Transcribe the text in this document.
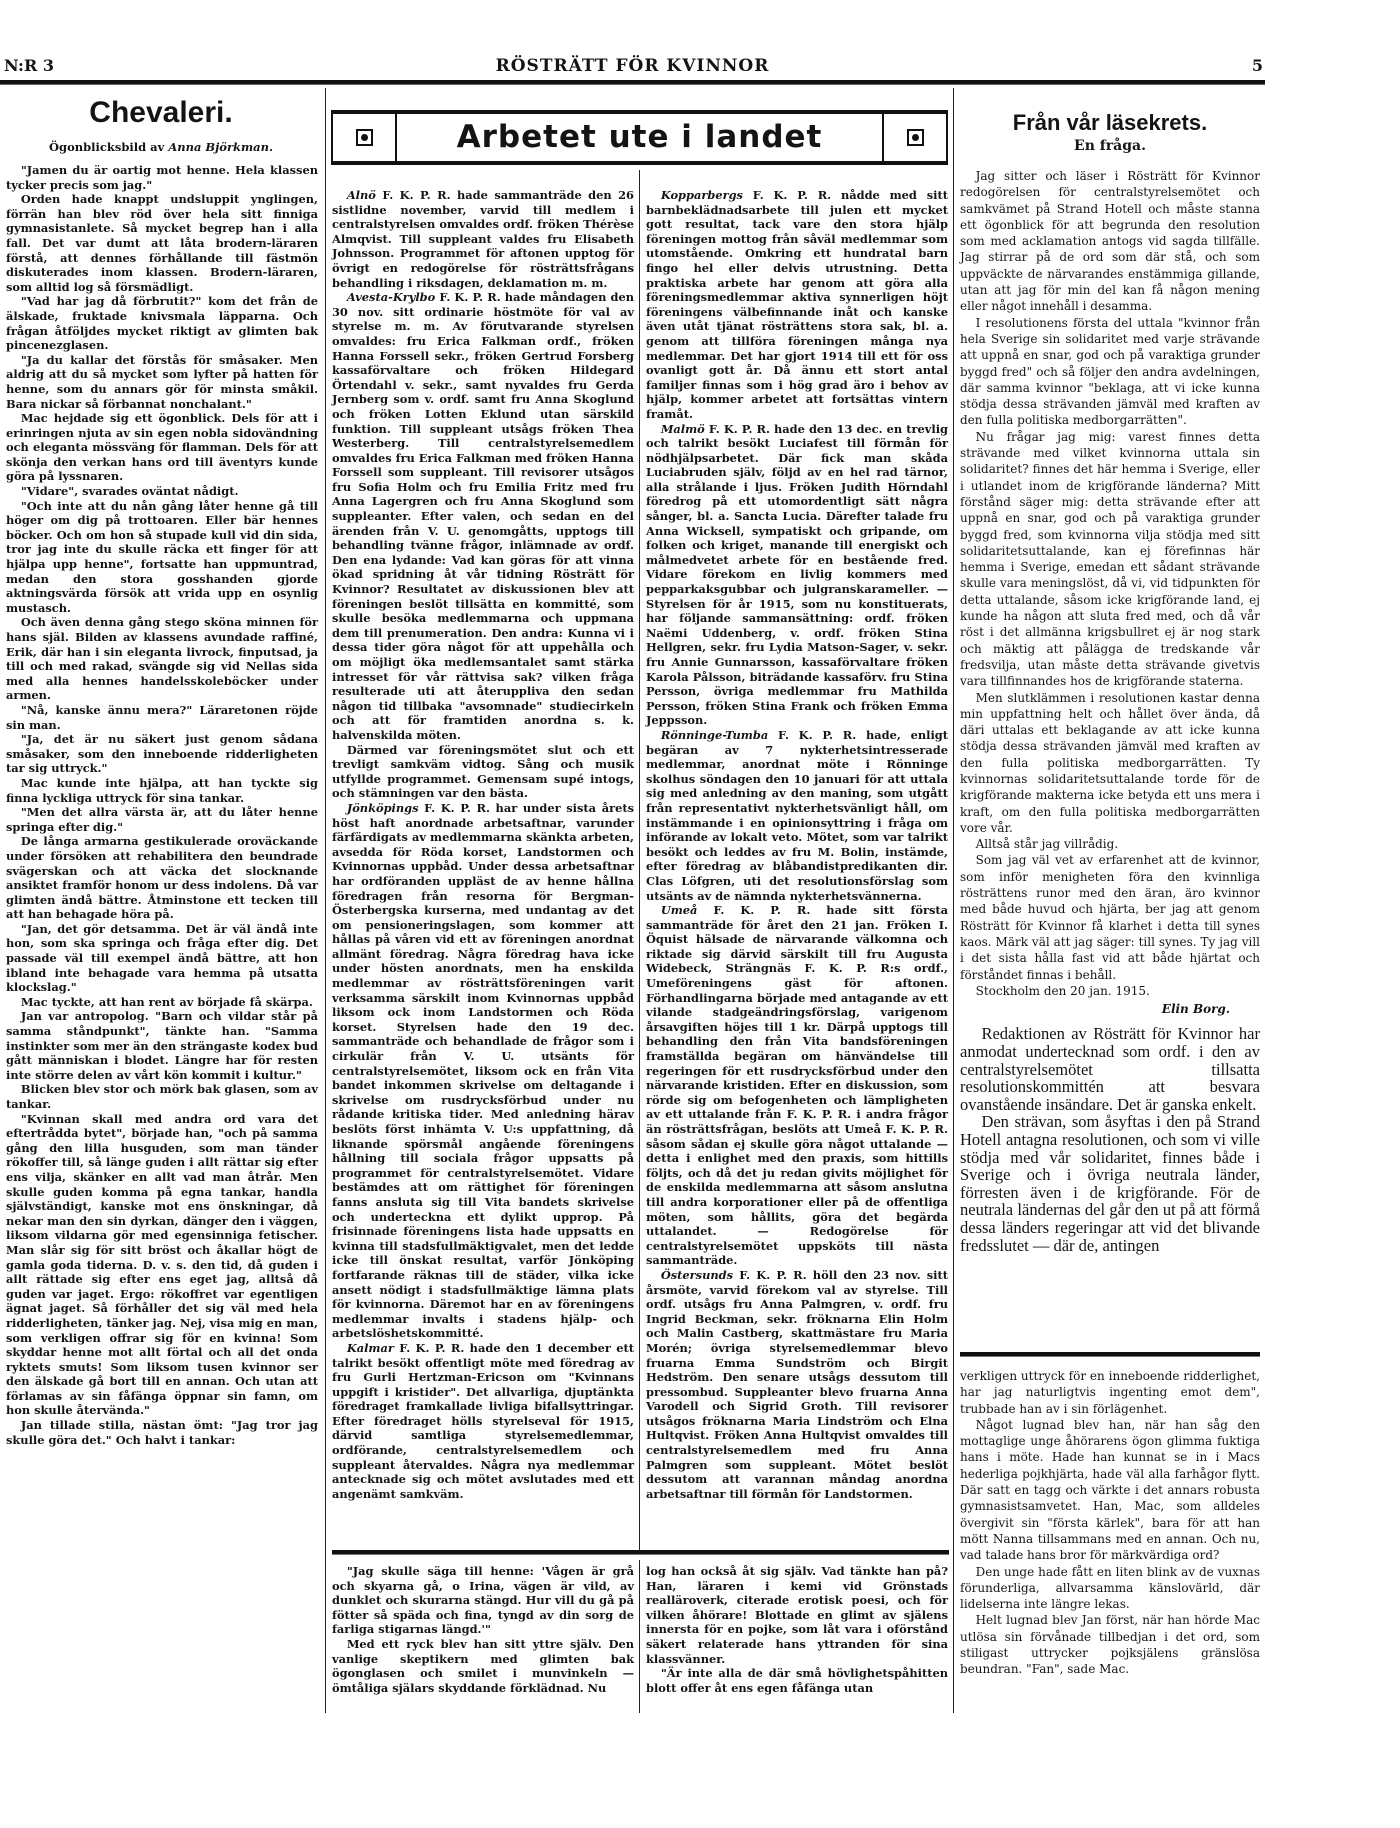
N:R 3	RÖSTRÄTT FÖR KVINNOR	5
Chevaleri.
Ögonblicksbild av Anna Björkman.

"Jamen du är oartig mot henne. Hela klassen tycker precis som jag."

Orden hade knappt undsluppit ynglingen, förrän han blev röd över hela sitt finniga gymnasistanlete. Så mycket begrep han i alla fall. Det var dumt att låta brodern-läraren förstå, att dennes förhållande till fästmön diskuterades inom klassen. Brodern-läraren, som alltid log så försmädligt.

"Vad har jag då förbrutit?" kom det från de älskade, fruktade knivsmala läpparna. Och frågan åtföljdes mycket riktigt av glimten bak pincenezglasen.

"Ja du kallar det förstås för småsaker. Men aldrig att du så mycket som lyfter på hatten för henne, som du annars gör för minsta småkil. Bara nickar så förbannat nonchalant."

Mac hejdade sig ett ögonblick. Dels för att i erinringen njuta av sin egen nobla sidovändning och eleganta mössväng för flamman. Dels för att skönja den verkan hans ord till äventyrs kunde göra på lyssnaren.

"Vidare", svarades oväntat nådigt.

"Och inte att du nån gång låter henne gå till höger om dig på trottoaren. Eller bär hennes böcker. Och om hon så stupade kull vid din sida, tror jag inte du skulle räcka ett finger för att hjälpa upp henne", fortsatte han uppmuntrad, medan den stora gosshanden gjorde aktningsvärda försök att vrida upp en osynlig mustasch.

Och även denna gång stego sköna minnen för hans själ. Bilden av klassens avundade raffiné, Erik, där han i sin eleganta livrock, finputsad, ja till och med rakad, svängde sig vid Nellas sida med alla hennes handelsskoleböcker under armen.

"Nå, kanske ännu mera?" Läraretonen röjde sin man.

"Ja, det är nu säkert just genom sådana småsaker, som den inneboende ridderligheten tar sig uttryck."

Mac kunde inte hjälpa, att han tyckte sig finna lyckliga uttryck för sina tankar.

"Men det allra värsta är, att du låter henne springa efter dig."

De långa armarna gestikulerade oroväckande under försöken att rehabilitera den beundrade svägerskan och att väcka det slocknande ansiktet framför honom ur dess indolens. Då var glimten ändå bättre. Åtminstone ett tecken till att han behagade höra på.

"Jan, det gör detsamma. Det är väl ändå inte hon, som ska springa och fråga efter dig. Det passade väl till exempel ändå bättre, att hon ibland inte behagade vara hemma på utsatta klockslag."

Mac tyckte, att han rent av började få skärpa.

Jan var antropolog. "Barn och vildar står på samma ståndpunkt", tänkte han. "Samma instinkter som mer än den strängaste kodex bud gått människan i blodet. Längre har för resten inte större delen av vårt kön kommit i kultur."

Blicken blev stor och mörk bak glasen, som av tankar.

"Kvinnan skall med andra ord vara det eftertrådda bytet", började han, "och på samma gång den lilla husguden, som man tänder rökoffer till, så länge guden i allt rättar sig efter ens vilja, skänker en allt vad man åtrår. Men skulle guden komma på egna tankar, handla självständigt, kanske mot ens önskningar, då nekar man den sin dyrkan, dänger den i väggen, liksom vildarna gör med egensinniga fetischer. Man slår sig för sitt bröst och åkallar högt de gamla goda tiderna. D. v. s. den tid, då guden i allt rättade sig efter ens eget jag, alltså då guden var jaget. Ergo: rökoffret var egentligen ägnat jaget. Så förhåller det sig väl med hela ridderligheten, tänker jag. Nej, visa mig en man, som verkligen offrar sig för en kvinna! Som skyddar henne mot allt förtal och all det onda ryktets smuts! Som liksom tusen kvinnor ser den älskade gå bort till en annan. Och utan att förlamas av sin fåfänga öppnar sin famn, om hon skulle återvända."

Jan tillade stilla, nästan ömt: "Jag tror jag skulle göra det." Och halvt i tankar:

Arbetet ute i landet

Alnö F. K. P. R. hade sammanträde den 26 sistlidne november, varvid till medlem i centralstyrelsen omvaldes ordf. fröken Thérèse Almqvist. Till suppleant valdes fru Elisabeth Johnsson. Programmet för aftonen upptog för övrigt en redogörelse för rösträttsfrågans behandling i riksdagen, deklamation m. m.

Avesta-Krylbo F. K. P. R. hade måndagen den 30 nov. sitt ordinarie höstmöte för val av styrelse m. m. Av förutvarande styrelsen omvaldes: fru Erica Falkman ordf., fröken Hanna Forssell sekr., fröken Gertrud Forsberg kassaförvaltare och fröken Hildegard Örtendahl v. sekr., samt nyvaldes fru Gerda Jernberg som v. ordf. samt fru Anna Skoglund och fröken Lotten Eklund utan särskild funktion. Till suppleant utsågs fröken Thea Westerberg. Till centralstyrelsemedlem omvaldes fru Erica Falkman med fröken Hanna Forssell som suppleant. Till revisorer utsågos fru Sofia Holm och fru Emilia Fritz med fru Anna Lagergren och fru Anna Skoglund som suppleanter. Efter valen, och sedan en del ärenden från V. U. genomgåtts, upptogs till behandling tvänne frågor, inlämnade av ordf. Den ena lydande: Vad kan göras för att vinna ökad spridning åt vår tidning Rösträtt för Kvinnor? Resultatet av diskussionen blev att föreningen beslöt tillsätta en kommitté, som skulle besöka medlemmarna och uppmana dem till prenumeration. Den andra: Kunna vi i dessa tider göra något för att uppehålla och om möjligt öka medlemsantalet samt stärka intresset för vår rättvisa sak? vilken fråga resulterade uti att återuppliva den sedan någon tid tillbaka "avsomnade" studiecirkeln och att för framtiden anordna s. k. halvenskilda möten.

Därmed var föreningsmötet slut och ett trevligt samkväm vidtog. Sång och musik utfyllde programmet. Gemensam supé intogs, och stämningen var den bästa.

Jönköpings F. K. P. R. har under sista årets höst haft anordnade arbetsaftnar, varunder färfärdigats av medlemmarna skänkta arbeten, avsedda för Röda korset, Landstormen och Kvinnornas uppbåd. Under dessa arbetsaftnar har ordföranden uppläst de av henne hållna föredragen från resorna för Bergman-Österbergska kurserna, med undantag av det om pensioneringslagen, som kommer att hållas på våren vid ett av föreningen anordnat allmänt föredrag. Några föredrag hava icke under hösten anordnats, men ha enskilda medlemmar av rösträttsföreningen varit verksamma särskilt inom Kvinnornas uppbåd liksom ock inom Landstormen och Röda korset. Styrelsen hade den 19 dec. sammanträde och behandlade de frågor som i cirkulär från V. U. utsänts för centralstyrelsemötet, liksom ock en från Vita bandet inkommen skrivelse om deltagande i skrivelse om rusdrycksförbud under nu rådande kritiska tider. Med anledning härav beslöts först inhämta V. U:s uppfattning, då liknande spörsmål angående föreningens hållning till sociala frågor uppsatts på programmet för centralstyrelsemötet. Vidare bestämdes att om rättighet för föreningen fanns ansluta sig till Vita bandets skrivelse och underteckna ett dylikt upprop. På frisinnade föreningens lista hade uppsatts en kvinna till stadsfullmäktigvalet, men det ledde icke till önskat resultat, varför Jönköping fortfarande räknas till de städer, vilka icke ansett nödigt i stadsfullmäktige lämna plats för kvinnorna. Däremot har en av föreningens medlemmar invalts i stadens hjälp- och arbetslöshetskommitté.

Kalmar F. K. P. R. hade den 1 december ett talrikt besökt offentligt möte med föredrag av fru Gurli Hertzman-Ericson om "Kvinnans uppgift i kristider". Det allvarliga, djuptänkta föredraget framkallade livliga bifallsyttringar. Efter föredraget hölls styrelseval för 1915, därvid samtliga styrelsemedlemmar, ordförande, centralstyrelsemedlem och suppleant återvaldes. Några nya medlemmar antecknade sig och mötet avslutades med ett angenämt samkväm.

Kopparbergs F. K. P. R. nådde med sitt barnbeklädnadsarbete till julen ett mycket gott resultat, tack vare den stora hjälp föreningen mottog från såväl medlemmar som utomstående. Omkring ett hundratal barn fingo hel eller delvis utrustning. Detta praktiska arbete har genom att göra alla föreningsmedlemmar aktiva synnerligen höjt föreningens välbefinnande inåt och kanske även utåt tjänat rösträttens stora sak, bl. a. genom att tillföra föreningen många nya medlemmar. Det har gjort 1914 till ett för oss ovanligt gott år. Då ännu ett stort antal familjer finnas som i hög grad äro i behov av hjälp, kommer arbetet att fortsättas vintern framåt.

Malmö F. K. P. R. hade den 13 dec. en trevlig och talrikt besökt Luciafest till förmån för nödhjälpsarbetet. Där fick man skåda Luciabruden själv, följd av en hel rad tärnor, alla strålande i ljus. Fröken Judith Hörndahl föredrog på ett utomordentligt sätt några sånger, bl. a. Sancta Lucia. Därefter talade fru Anna Wicksell, sympatiskt och gripande, om folken och kriget, manande till energiskt och målmedvetet arbete för en bestående fred. Vidare förekom en livlig kommers med pepparkaksgubbar och julgranskarameller. — Styrelsen för år 1915, som nu konstituerats, har följande sammansättning: ordf. fröken Naëmi Uddenberg, v. ordf. fröken Stina Hellgren, sekr. fru Lydia Matson-Sager, v. sekr. fru Annie Gunnarsson, kassaförvaltare fröken Karola Pålsson, biträdande kassaförv. fru Stina Persson, övriga medlemmar fru Mathilda Persson, fröken Stina Frank och fröken Emma Jeppsson.

Rönninge-Tumba F. K. P. R. hade, enligt begäran av 7 nykterhetsintresserade medlemmar, anordnat möte i Rönninge skolhus söndagen den 10 januari för att uttala sig med anledning av den maning, som utgått från representativt nykterhetsvänligt håll, om instämmande i en opinionsyttring i fråga om införande av lokalt veto. Mötet, som var talrikt besökt och leddes av fru M. Bolin, instämde, efter föredrag av blåbandistpredikanten dir. Clas Löfgren, uti det resolutionsförslag som utsänts av de nämnda nykterhetsvännerna.

Umeå F. K. P. R. hade sitt första sammanträde för året den 21 jan. Fröken I. Öquist hälsade de närvarande välkomna och riktade sig därvid särskilt till fru Augusta Widebeck, Strängnäs F. K. P. R:s ordf., Umeföreningens gäst för aftonen. Förhandlingarna började med antagande av ett vilande stadgeändringsförslag, varigenom årsavgiften höjes till 1 kr. Därpå upptogs till behandling den från Vita bandsföreningen framställda begäran om hänvändelse till regeringen för ett rusdrycksförbud under den närvarande kristiden. Efter en diskussion, som rörde sig om befogenheten och lämpligheten av ett uttalande från F. K. P. R. i andra frågor än rösträttsfrågan, beslöts att Umeå F. K. P. R. såsom sådan ej skulle göra något uttalande — detta i enlighet med den praxis, som hittills följts, och då det ju redan givits möjlighet för de enskilda medlemmarna att såsom anslutna till andra korporationer eller på de offentliga möten, som hållits, göra det begärda uttalandet. — Redogörelse för centralstyrelsemötet uppsköts till nästa sammanträde.

Östersunds F. K. P. R. höll den 23 nov. sitt årsmöte, varvid förekom val av styrelse. Till ordf. utsågs fru Anna Palmgren, v. ordf. fru Ingrid Beckman, sekr. fröknarna Elin Holm och Malin Castberg, skattmästare fru Maria Morén; övriga styrelsemedlemmar blevo fruarna Emma Sundström och Birgit Hedström. Den senare utsågs dessutom till pressombud. Suppleanter blevo fruarna Anna Varodell och Sigrid Groth. Till revisorer utsågos fröknarna Maria Lindström och Elna Hultqvist. Fröken Anna Hultqvist omvaldes till centralstyrelsemedlem med fru Anna Palmgren som suppleant. Mötet beslöt dessutom att varannan måndag anordna arbetsaftnar till förmån för Landstormen.

"Jag skulle säga till henne: 'Vågen är grå och skyarna gå, o Irina, vägen är vild, av dunklet och skurarna stängd. Hur vill du gå på fötter så späda och fina, tyngd av din sorg de farliga stigarnas längd.'"

Med ett ryck blev han sitt yttre själv. Den vanlige skeptikern med glimten bak ögonglasen och smilet i munvinkeln — ömtåliga själars skyddande förklädnad. Nu

log han också åt sig själv. Vad tänkte han på? Han, läraren i kemi vid Grönstads realläroverk, citerade erotisk poesi, och för vilken åhörare! Blottade en glimt av själens innersta för en pojke, som låt vara i oförstånd säkert relaterade hans yttranden för sina klassvänner.

"Är inte alla de där små hövlighetspåhitten blott offer åt ens egen fåfänga utan

Från vår läsekrets.
En fråga.

Jag sitter och läser i Rösträtt för Kvinnor redogörelsen för centralstyrelsemötet och samkvämet på Strand Hotell och måste stanna ett ögonblick för att begrunda den resolution som med acklamation antogs vid sagda tillfälle. Jag stirrar på de ord som där stå, och som uppväckte de närvarandes enstämmiga gillande, utan att jag för min del kan få någon mening eller något innehåll i desamma.

I resolutionens första del uttala "kvinnor från hela Sverige sin solidaritet med varje strävande att uppnå en snar, god och på varaktiga grunder byggd fred" och så följer den andra avdelningen, där samma kvinnor "beklaga, att vi icke kunna stödja dessa strävanden jämväl med kraften av den fulla politiska medborgarrätten".

Nu frågar jag mig: varest finnes detta strävande med vilket kvinnorna uttala sin solidaritet? finnes det här hemma i Sverige, eller i utlandet inom de krigförande länderna? Mitt förstånd säger mig: detta strävande efter att uppnå en snar, god och på varaktiga grunder byggd fred, som kvinnorna vilja stödja med sitt solidaritetsuttalande, kan ej förefinnas här hemma i Sverige, emedan ett sådant strävande skulle vara meningslöst, då vi, vid tidpunkten för detta uttalande, såsom icke krigförande land, ej kunde ha någon att sluta fred med, och då vår röst i det allmänna krigsbullret ej är nog stark och mäktig att pålägga de tredskande vår fredsvilja, utan måste detta strävande givetvis vara tillfinnandes hos de krigförande staterna.

Men slutklämmen i resolutionen kastar denna min uppfattning helt och hållet över ända, då däri uttalas ett beklagande av att icke kunna stödja dessa strävanden jämväl med kraften av den fulla politiska medborgarrätten. Ty kvinnornas solidaritetsuttalande torde för de krigförande makterna icke betyda ett uns mera i kraft, om den fulla politiska medborgarrätten vore vår.

Alltså står jag villrådig.

Som jag väl vet av erfarenhet att de kvinnor, som inför menigheten föra den kvinnliga rösträttens runor med den äran, äro kvinnor med både huvud och hjärta, ber jag att genom Rösträtt för Kvinnor få klarhet i detta till synes kaos. Märk väl att jag säger: till synes. Ty jag vill i det sista hålla fast vid att både hjärtat och förståndet finnas i behåll.

Stockholm den 20 jan. 1915.

Elin Borg.

Redaktionen av Rösträtt för Kvinnor har anmodat undertecknad som ordf. i den av centralstyrelsemötet tillsatta resolutionskommittén att besvara ovanstående insändare. Det är ganska enkelt.

Den strävan, som åsyftas i den på Strand Hotell antagna resolutionen, och som vi ville stödja med vår solidaritet, finnes både i Sverige och i övriga neutrala länder, förresten även i de krigförande. För de neutrala ländernas del går den ut på att förmå dessa länders regeringar att vid det blivande fredsslutet — där de, antingen

verkligen uttryck för en inneboende ridderlighet, har jag naturligtvis ingenting emot dem", trubbade han av i sin förlägenhet.

Något lugnad blev han, när han såg den mottaglige unge åhörarens ögon glimma fuktiga hans i möte. Hade han kunnat se in i Macs hederliga pojkhjärta, hade väl alla farhågor flytt. Där satt en tagg och värkte i det annars robusta gymnasistsamvetet. Han, Mac, som alldeles övergivit sin "första kärlek", bara för att han mött Nanna tillsammans med en annan. Och nu, vad talade hans bror för märkvärdiga ord?

Den unge hade fått en liten blink av de vuxnas förunderliga, allvarsamma känslovärld, där lidelserna inte längre lekas.

Helt lugnad blev Jan först, när han hörde Mac utlösa sin förvånade tillbedjan i det ord, som stiligast uttrycker pojksjälens gränslösa beundran. "Fan", sade Mac.
